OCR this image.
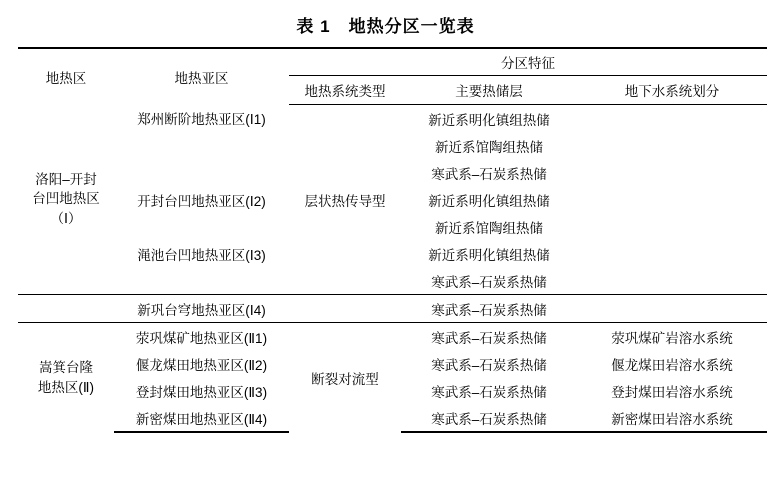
表 1　地热分区一览表
地热区	地热亚区	分区特征		
		地热系统类型	主要热储层	地下水系统划分

洛阳–开封
台凹地热区
（Ⅰ）	郑州断阶地热亚区(Ⅰ1)	层状热传导型	新近系明化镇组热储	
			新近系馆陶组热储	
			寒武系–石炭系热储	
	开封台凹地热亚区(Ⅰ2)		新近系明化镇组热储	
			新近系馆陶组热储	
	渑池台凹地热亚区(Ⅰ3)		新近系明化镇组热储	
			寒武系–石炭系热储	
	新巩台穹地热亚区(Ⅰ4)		寒武系–石炭系热储	

嵩箕台隆
地热区(Ⅱ)	荥巩煤矿地热亚区(Ⅱ1)	断裂对流型	寒武系–石炭系热储	荥巩煤矿岩溶水系统
	偃龙煤田地热亚区(Ⅱ2)		寒武系–石炭系热储	偃龙煤田岩溶水系统
	登封煤田地热亚区(Ⅱ3)		寒武系–石炭系热储	登封煤田岩溶水系统
	新密煤田地热亚区(Ⅱ4)		寒武系–石炭系热储	新密煤田岩溶水系统
